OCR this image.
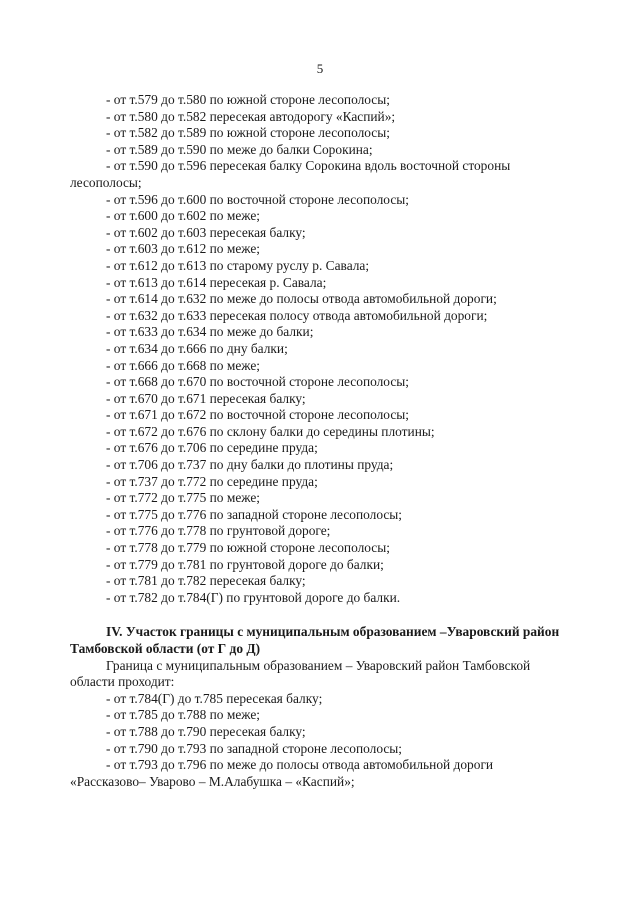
5
- от т.579 до т.580 по южной стороне лесополосы;
- от т.580 до т.582 пересекая автодорогу «Каспий»;
- от т.582 до т.589 по южной стороне лесополосы;
- от т.589 до т.590 по меже до балки Сорокина;
- от т.590 до т.596 пересекая балку Сорокина вдоль восточной стороны
лесополосы;
- от т.596 до т.600 по восточной стороне лесополосы;
- от т.600 до т.602 по меже;
- от т.602 до т.603 пересекая балку;
- от т.603 до т.612 по меже;
- от т.612 до т.613 по старому руслу р. Савала;
- от т.613 до т.614 пересекая р. Савала;
- от т.614 до т.632 по меже до полосы отвода автомобильной дороги;
- от т.632 до т.633 пересекая полосу отвода автомобильной дороги;
- от т.633 до т.634 по меже до балки;
- от т.634 до т.666 по дну балки;
- от т.666 до т.668 по меже;
- от т.668 до т.670 по восточной стороне лесополосы;
- от т.670 до т.671 пересекая балку;
- от т.671 до т.672 по восточной стороне лесополосы;
- от т.672 до т.676 по склону балки до середины плотины;
- от т.676 до т.706 по середине пруда;
- от т.706 до т.737 по дну балки до плотины пруда;
- от т.737 до т.772 по середине пруда;
- от т.772 до т.775 по меже;
- от т.775 до т.776 по западной стороне лесополосы;
- от т.776 до т.778 по грунтовой дороге;
- от т.778 до т.779 по южной стороне лесополосы;
- от т.779 до т.781 по грунтовой дороге до балки;
- от т.781 до т.782 пересекая балку;
- от т.782 до т.784(Г) по грунтовой дороге до балки.
IV. Участок границы с муниципальным образованием –Уваровский район
Тамбовской области (от Г до Д)
Граница с муниципальным образованием – Уваровский район Тамбовской
области проходит:
- от т.784(Г) до т.785 пересекая балку;
- от т.785 до т.788 по меже;
- от т.788 до т.790 пересекая балку;
- от т.790 до т.793 по западной стороне лесополосы;
- от т.793 до т.796 по меже до полосы отвода автомобильной дороги
«Рассказово– Уварово – М.Алабушка – «Каспий»;
